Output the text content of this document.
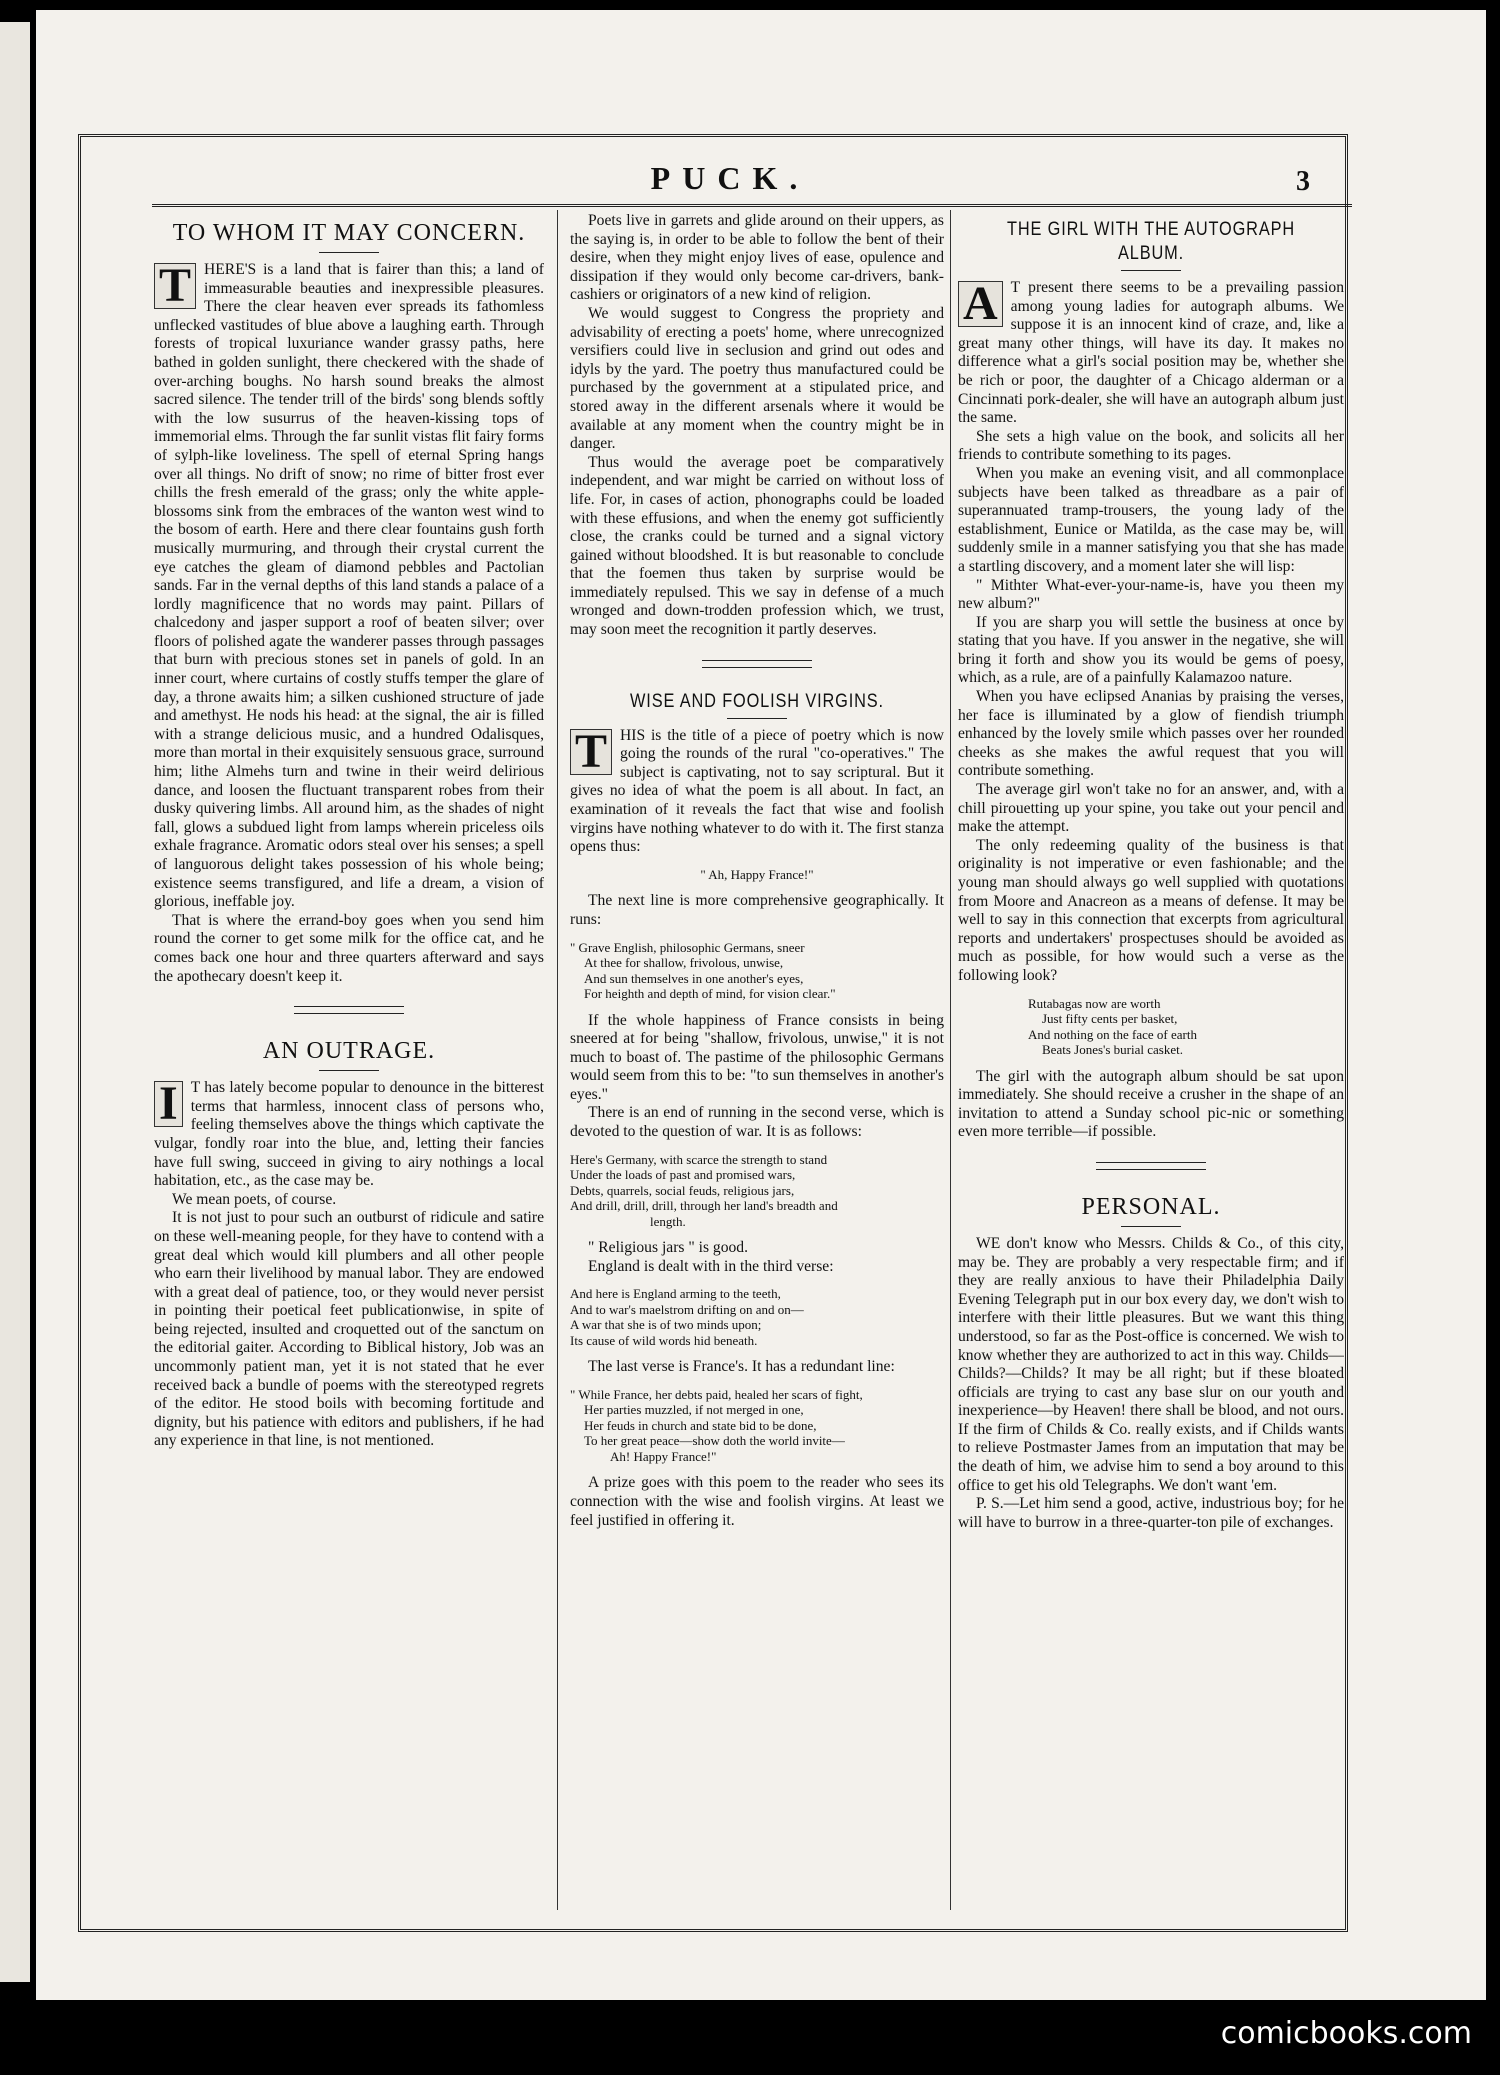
PUCK.	3
TO WHOM IT MAY CONCERN.

T HERE'S is a land that is fairer than this; a land of immeasurable beauties and inexpressible pleasures. There the clear heaven ever spreads its fathomless unflecked vastitudes of blue above a laughing earth. Through forests of tropical luxuriance wander grassy paths, here bathed in golden sunlight, there checkered with the shade of over-arching boughs. No harsh sound breaks the almost sacred silence. The tender trill of the birds' song blends softly with the low susurrus of the heaven-kissing tops of immemorial elms. Through the far sunlit vistas flit fairy forms of sylph-like loveliness. The spell of eternal Spring hangs over all things. No drift of snow; no rime of bitter frost ever chills the fresh emerald of the grass; only the white apple-blossoms sink from the embraces of the wanton west wind to the bosom of earth. Here and there clear fountains gush forth musically murmuring, and through their crystal current the eye catches the gleam of diamond pebbles and Pactolian sands. Far in the vernal depths of this land stands a palace of a lordly magnificence that no words may paint. Pillars of chalcedony and jasper support a roof of beaten silver; over floors of polished agate the wanderer passes through passages that burn with precious stones set in panels of gold. In an inner court, where curtains of costly stuffs temper the glare of day, a throne awaits him; a silken cushioned structure of jade and amethyst. He nods his head: at the signal, the air is filled with a strange delicious music, and a hundred Odalisques, more than mortal in their exquisitely sensuous grace, surround him; lithe Almehs turn and twine in their weird delirious dance, and loosen the fluctuant transparent robes from their dusky quivering limbs. All around him, as the shades of night fall, glows a subdued light from lamps wherein priceless oils exhale fragrance. Aromatic odors steal over his senses; a spell of languorous delight takes possession of his whole being; existence seems transfigured, and life a dream, a vision of glorious, ineffable joy.

That is where the errand-boy goes when you send him round the corner to get some milk for the office cat, and he comes back one hour and three quarters afterward and says the apothecary doesn't keep it.

AN OUTRAGE.

I T has lately become popular to denounce in the bitterest terms that harmless, innocent class of persons who, feeling themselves above the things which captivate the vulgar, fondly roar into the blue, and, letting their fancies have full swing, succeed in giving to airy nothings a local habitation, etc., as the case may be.

We mean poets, of course.

It is not just to pour such an outburst of ridicule and satire on these well-meaning people, for they have to contend with a great deal which would kill plumbers and all other people who earn their livelihood by manual labor. They are endowed with a great deal of patience, too, or they would never persist in pointing their poetical feet publicationwise, in spite of being rejected, insulted and croquetted out of the sanctum on the editorial gaiter. According to Biblical history, Job was an uncommonly patient man, yet it is not stated that he ever received back a bundle of poems with the stereotyped regrets of the editor. He stood boils with becoming fortitude and dignity, but his patience with editors and publishers, if he had any experience in that line, is not mentioned.

Poets live in garrets and glide around on their uppers, as the saying is, in order to be able to follow the bent of their desire, when they might enjoy lives of ease, opulence and dissipation if they would only become car-drivers, bank-cashiers or originators of a new kind of religion.

We would suggest to Congress the propriety and advisability of erecting a poets' home, where unrecognized versifiers could live in seclusion and grind out odes and idyls by the yard. The poetry thus manufactured could be purchased by the government at a stipulated price, and stored away in the different arsenals where it would be available at any moment when the country might be in danger.

Thus would the average poet be comparatively independent, and war might be carried on without loss of life. For, in cases of action, phonographs could be loaded with these effusions, and when the enemy got sufficiently close, the cranks could be turned and a signal victory gained without bloodshed. It is but reasonable to conclude that the foemen thus taken by surprise would be immediately repulsed. This we say in defense of a much wronged and down-trodden profession which, we trust, may soon meet the recognition it partly deserves.

WISE AND FOOLISH VIRGINS.

T HIS is the title of a piece of poetry which is now going the rounds of the rural "co-operatives." The subject is captivating, not to say scriptural. But it gives no idea of what the poem is all about. In fact, an examination of it reveals the fact that wise and foolish virgins have nothing whatever to do with it. The first stanza opens thus:

" Ah, Happy France!"

The next line is more comprehensive geographically. It runs:

" Grave English, philosophic Germans, sneer
At thee for shallow, frivolous, unwise,
And sun themselves in one another's eyes,
For heighth and depth of mind, for vision clear."

If the whole happiness of France consists in being sneered at for being "shallow, frivolous, unwise," it is not much to boast of. The pastime of the philosophic Germans would seem from this to be: "to sun themselves in another's eyes."

There is an end of running in the second verse, which is devoted to the question of war. It is as follows:

Here's Germany, with scarce the strength to stand
Under the loads of past and promised wars,
Debts, quarrels, social feuds, religious jars,
And drill, drill, drill, through her land's breadth and
length.

" Religious jars " is good.

England is dealt with in the third verse:

And here is England arming to the teeth,
And to war's maelstrom drifting on and on—
A war that she is of two minds upon;
Its cause of wild words hid beneath.

The last verse is France's. It has a redundant line:

" While France, her debts paid, healed her scars of fight,
Her parties muzzled, if not merged in one,
Her feuds in church and state bid to be done,
To her great peace—show doth the world invite—
Ah! Happy France!"

A prize goes with this poem to the reader who sees its connection with the wise and foolish virgins. At least we feel justified in offering it.

THE GIRL WITH THE AUTOGRAPH ALBUM.

A T present there seems to be a prevailing passion among young ladies for autograph albums. We suppose it is an innocent kind of craze, and, like a great many other things, will have its day. It makes no difference what a girl's social position may be, whether she be rich or poor, the daughter of a Chicago alderman or a Cincinnati pork-dealer, she will have an autograph album just the same.

She sets a high value on the book, and solicits all her friends to contribute something to its pages.

When you make an evening visit, and all commonplace subjects have been talked as threadbare as a pair of superannuated tramp-trousers, the young lady of the establishment, Eunice or Matilda, as the case may be, will suddenly smile in a manner satisfying you that she has made a startling discovery, and a moment later she will lisp:

" Mithter What-ever-your-name-is, have you theen my new album?"

If you are sharp you will settle the business at once by stating that you have. If you answer in the negative, she will bring it forth and show you its would be gems of poesy, which, as a rule, are of a painfully Kalamazoo nature.

When you have eclipsed Ananias by praising the verses, her face is illuminated by a glow of fiendish triumph enhanced by the lovely smile which passes over her rounded cheeks as she makes the awful request that you will contribute something.

The average girl won't take no for an answer, and, with a chill pirouetting up your spine, you take out your pencil and make the attempt.

The only redeeming quality of the business is that originality is not imperative or even fashionable; and the young man should always go well supplied with quotations from Moore and Anacreon as a means of defense. It may be well to say in this connection that excerpts from agricultural reports and undertakers' prospectuses should be avoided as much as possible, for how would such a verse as the following look?

Rutabagas now are worth
Just fifty cents per basket,
And nothing on the face of earth
Beats Jones's burial casket.

The girl with the autograph album should be sat upon immediately. She should receive a crusher in the shape of an invitation to attend a Sunday school pic-nic or something even more terrible—if possible.

PERSONAL.

WE don't know who Messrs. Childs & Co., of this city, may be. They are probably a very respectable firm; and if they are really anxious to have their Philadelphia Daily Evening Telegraph put in our box every day, we don't wish to interfere with their little pleasures. But we want this thing understood, so far as the Post-office is concerned. We wish to know whether they are authorized to act in this way. Childs—Childs?—Childs? It may be all right; but if these bloated officials are trying to cast any base slur on our youth and inexperience—by Heaven! there shall be blood, and not ours. If the firm of Childs & Co. really exists, and if Childs wants to relieve Postmaster James from an imputation that may be the death of him, we advise him to send a boy around to this office to get his old Telegraphs. We don't want 'em.

P. S.—Let him send a good, active, industrious boy; for he will have to burrow in a three-quarter-ton pile of exchanges.

comicbooks.com
